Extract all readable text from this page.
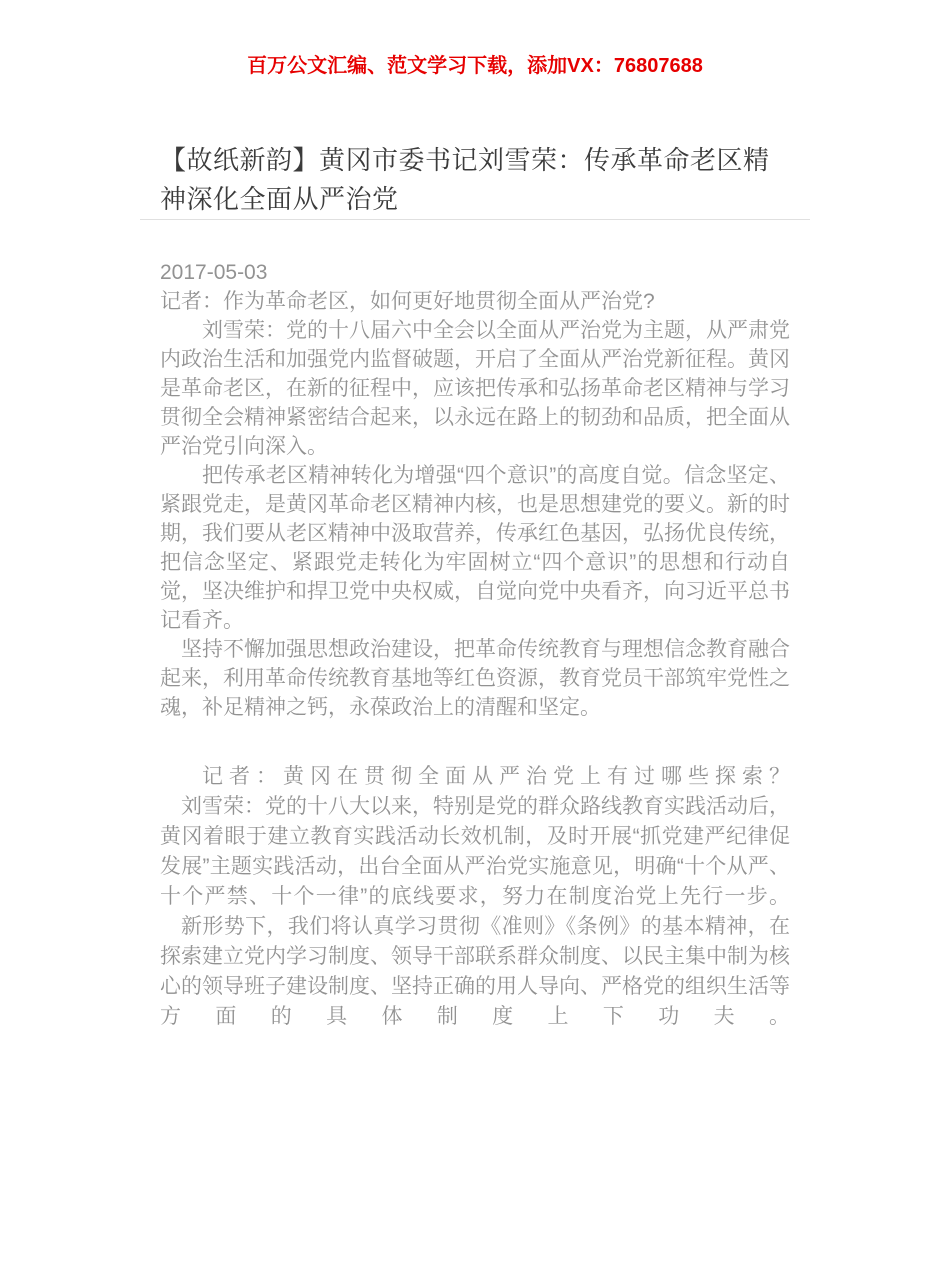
百万公文汇编、范文学习下载，添加VX：76807688
【故纸新韵】黄冈市委书记刘雪荣：传承革命老区精神深化全面从严治党

2017-05-03

记者：作为革命老区，如何更好地贯彻全面从严治党?

刘雪荣：党的十八届六中全会以全面从严治党为主题，从严肃党内政治生活和加强党内监督破题，开启了全面从严治党新征程。黄冈是革命老区，在新的征程中，应该把传承和弘扬革命老区精神与学习贯彻全会精神紧密结合起来，以永远在路上的韧劲和品质，把全面从严治党引向深入。

把传承老区精神转化为增强“四个意识”的高度自觉。信念坚定、紧跟党走，是黄冈革命老区精神内核，也是思想建党的要义。新的时期，我们要从老区精神中汲取营养，传承红色基因，弘扬优良传统，把信念坚定、紧跟党走转化为牢固树立“四个意识”的思想和行动自觉，坚决维护和捍卫党中央权威，自觉向党中央看齐，向习近平总书记看齐。

坚持不懈加强思想政治建设，把革命传统教育与理想信念教育融合起来，利用革命传统教育基地等红色资源，教育党员干部筑牢党性之魂，补足精神之钙，永葆政治上的清醒和坚定。

记者：黄冈在贯彻全面从严治党上有过哪些探索？

刘雪荣：党的十八大以来，特别是党的群众路线教育实践活动后，黄冈着眼于建立教育实践活动长效机制，及时开展“抓党建严纪律促发展”主题实践活动，出台全面从严治党实施意见，明确“十个从严、十个严禁、十个一律”的底线要求，努力在制度治党上先行一步。

新形势下，我们将认真学习贯彻《准则》《条例》的基本精神，在探索建立党内学习制度、领导干部联系群众制度、以民主集中制为核心的领导班子建设制度、坚持正确的用人导向、严格党的组织生活等方面的具体制度上下功夫。
